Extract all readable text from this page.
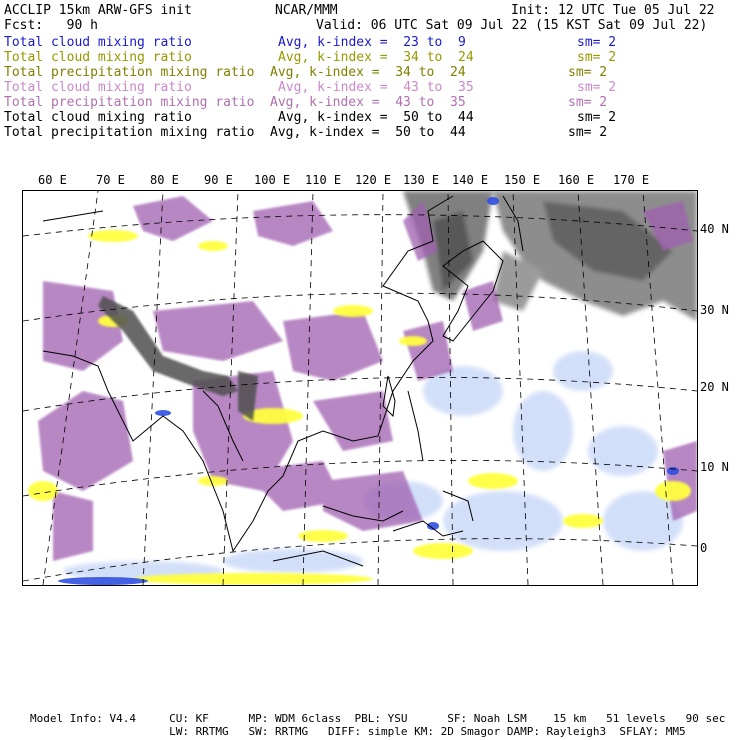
ACCLIP 15km ARW-GFS init	NCAR/MMM	Init: 12 UTC Tue 05 Jul 22
Fcst:   90 h	Valid: 06 UTC Sat 09 Jul 22 (15 KST Sat 09 Jul 22)
Total cloud mixing ratio	Avg, k-index =  23 to  9	sm= 2
Total cloud mixing ratio	Avg, k-index =  34 to  24	sm= 2
Total precipitation mixing ratio Avg, k-index =  34 to  24	sm= 2
Total cloud mixing ratio	Avg, k-index =  43 to  35	sm= 2
Total precipitation mixing ratio Avg, k-index =  43 to  35	sm= 2
Total cloud mixing ratio	Avg, k-index =  50 to  44	sm= 2
Total precipitation mixing ratio Avg, k-index =  50 to  44	sm= 2
60 E 70 E 80 E 90 E 100 E 110 E 120 E 130 E 140 E 150 E 160 E 170 E
40 N
30 N
20 N
10 N
0
Model Info: V4.4     CU: KF      MP: WDM 6class  PBL: YSU      SF: Noah LSM    15 km   51 levels   90 sec
LW: RRTMG   SW: RRTMG   DIFF: simple KM: 2D Smagor DAMP: Rayleigh3  SFLAY: MM5
